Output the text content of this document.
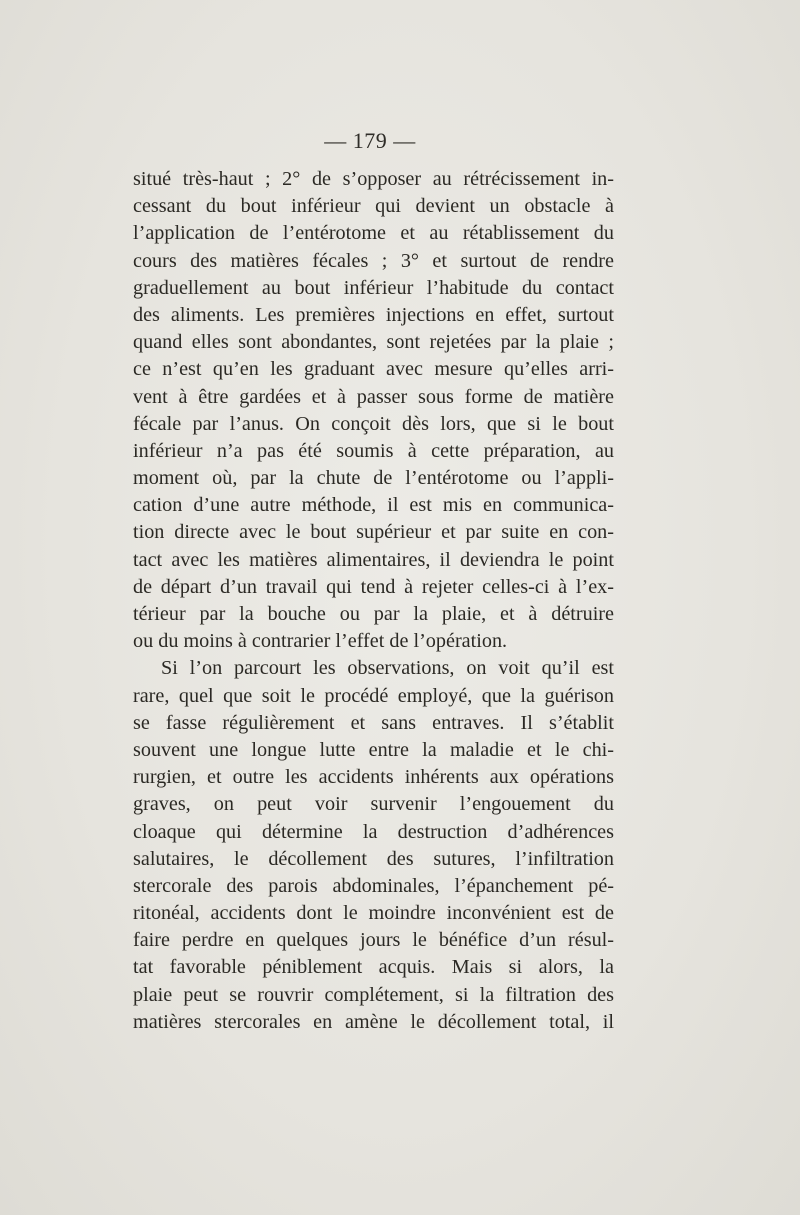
— 179 —
situé très-haut ; 2° de s’opposer au rétrécissement in-
cessant du bout inférieur qui devient un obstacle à
l’application de l’entérotome et au rétablissement du
cours des matières fécales ; 3° et surtout de rendre
graduellement au bout inférieur l’habitude du contact
des aliments. Les premières injections en effet, surtout
quand elles sont abondantes, sont rejetées par la plaie ;
ce n’est qu’en les graduant avec mesure qu’elles arri-
vent à être gardées et à passer sous forme de matière
fécale par l’anus. On conçoit dès lors, que si le bout
inférieur n’a pas été soumis à cette préparation, au
moment où, par la chute de l’entérotome ou l’appli-
cation d’une autre méthode, il est mis en communica-
tion directe avec le bout supérieur et par suite en con-
tact avec les matières alimentaires, il deviendra le point
de départ d’un travail qui tend à rejeter celles-ci à l’ex-
térieur par la bouche ou par la plaie, et à détruire
ou du moins à contrarier l’effet de l’opération.
Si l’on parcourt les observations, on voit qu’il est
rare, quel que soit le procédé employé, que la guérison
se fasse régulièrement et sans entraves. Il s’établit
souvent une longue lutte entre la maladie et le chi-
rurgien, et outre les accidents inhérents aux opérations
graves, on peut voir survenir l’engouement du
cloaque qui détermine la destruction d’adhérences
salutaires, le décollement des sutures, l’infiltration
stercorale des parois abdominales, l’épanchement pé-
ritonéal, accidents dont le moindre inconvénient est de
faire perdre en quelques jours le bénéfice d’un résul-
tat favorable péniblement acquis. Mais si alors, la
plaie peut se rouvrir complétement, si la filtration des
matières stercorales en amène le décollement total, il
